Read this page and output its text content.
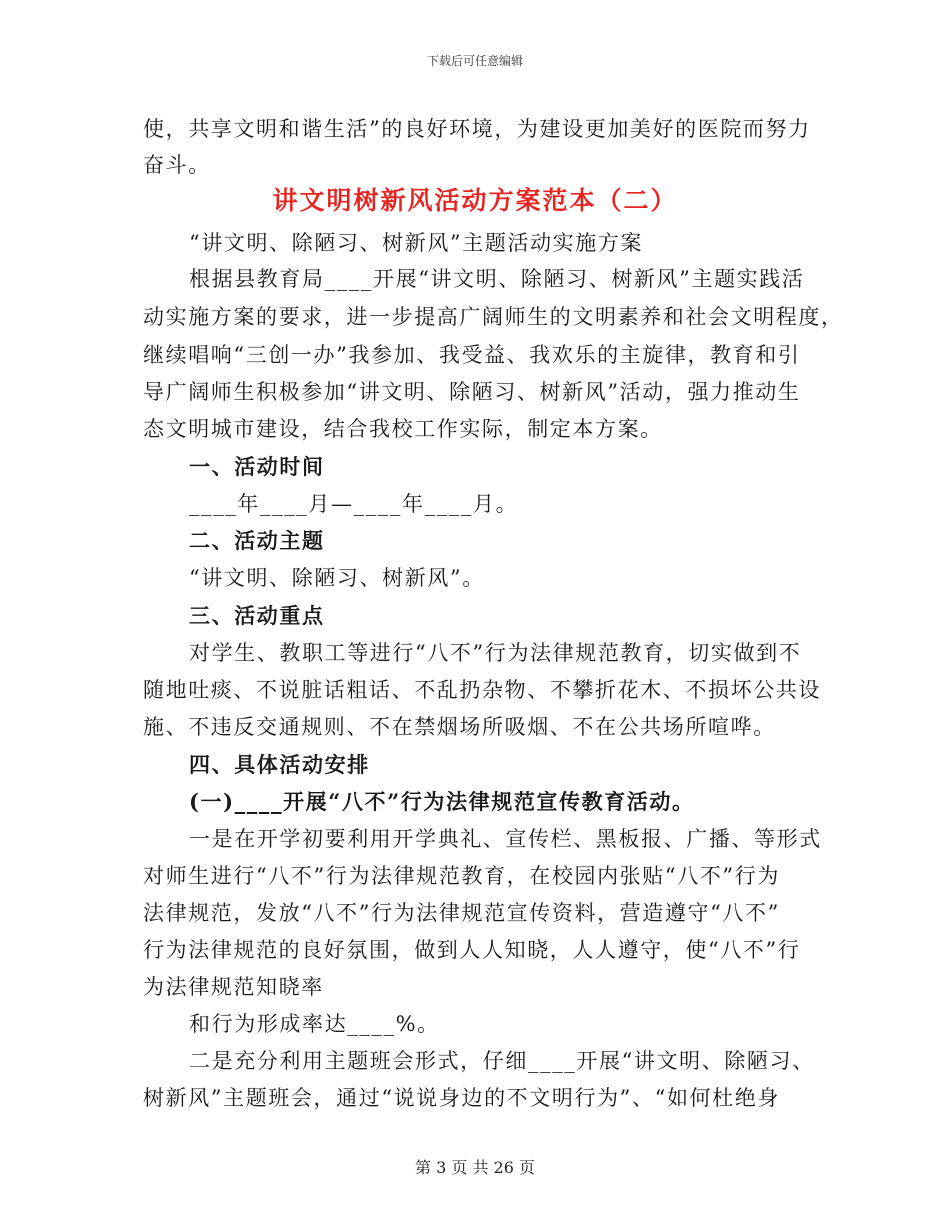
下载后可任意编辑
使，共享文明和谐生活”的良好环境，为建设更加美好的医院而努力
奋斗。
讲文明树新风活动方案范本（二）
“讲文明、除陋习、树新风”主题活动实施方案
根据县教育局____开展“讲文明、除陋习、树新风”主题实践活
动实施方案的要求，进一步提高广阔师生的文明素养和社会文明程度，
继续唱响“三创一办”我参加、我受益、我欢乐的主旋律，教育和引
导广阔师生积极参加“讲文明、除陋习、树新风”活动，强力推动生
态文明城市建设，结合我校工作实际，制定本方案。
一、活动时间
____年____月—____年____月。
二、活动主题
“讲文明、除陋习、树新风”。
三、活动重点
对学生、教职工等进行“八不”行为法律规范教育，切实做到不
随地吐痰、不说脏话粗话、不乱扔杂物、不攀折花木、不损坏公共设
施、不违反交通规则、不在禁烟场所吸烟、不在公共场所喧哗。
四、具体活动安排
(一)____开展“八不”行为法律规范宣传教育活动。
一是在开学初要利用开学典礼、宣传栏、黑板报、广播、等形式
对师生进行“八不”行为法律规范教育，在校园内张贴“八不”行为
法律规范，发放“八不”行为法律规范宣传资料，营造遵守“八不”
行为法律规范的良好氛围，做到人人知晓，人人遵守，使“八不”行
为法律规范知晓率
和行为形成率达____%。
二是充分利用主题班会形式，仔细____开展“讲文明、除陋习、
树新风”主题班会，通过“说说身边的不文明行为”、“如何杜绝身
第 3 页 共 26 页
